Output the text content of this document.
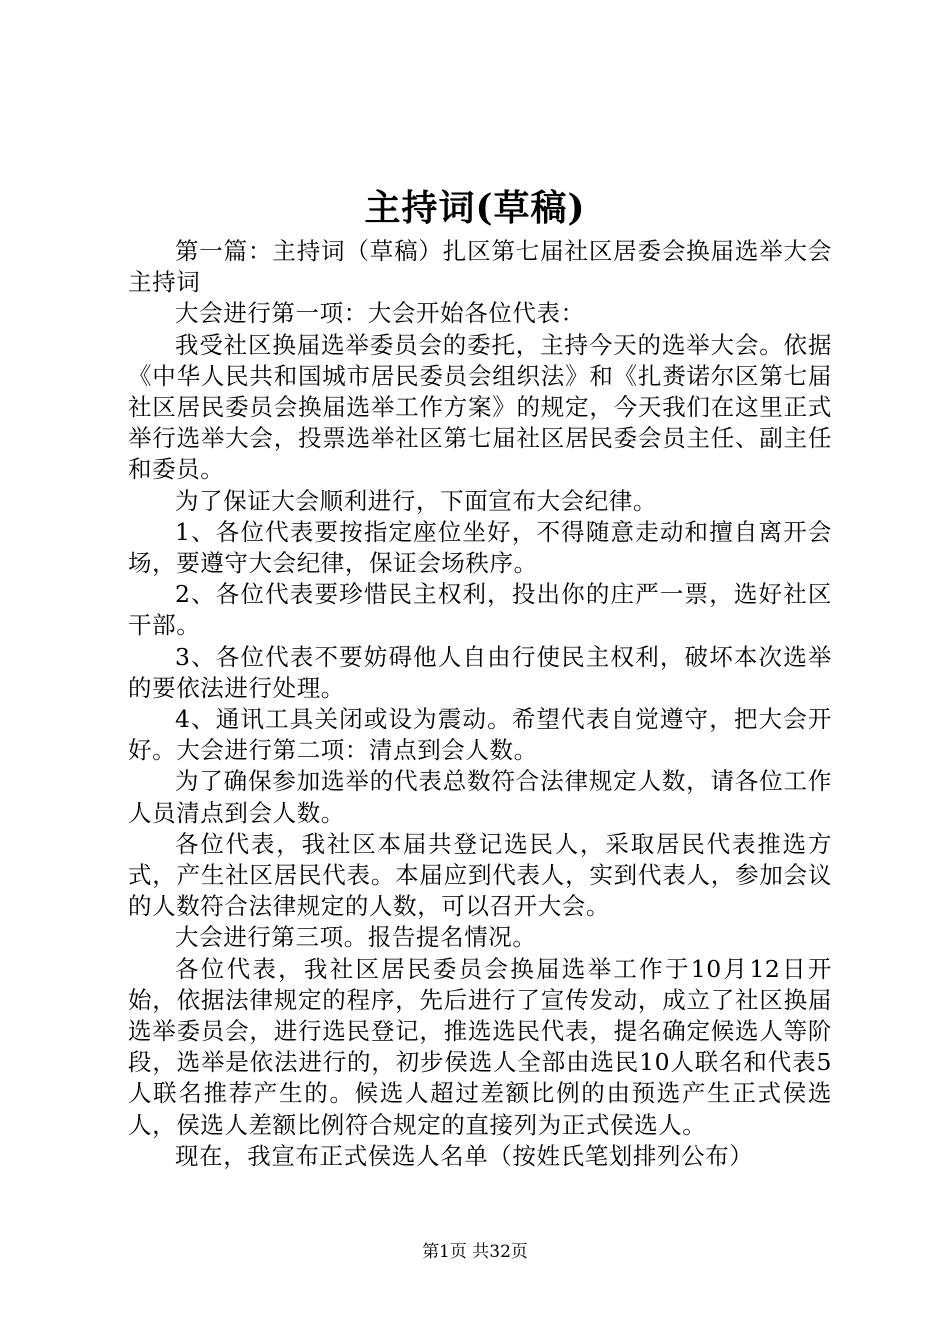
主持词(草稿)

第一篇：主持词（草稿）扎区第七届社区居委会换届选举大会主持词

大会进行第一项：大会开始各位代表：

我受社区换届选举委员会的委托，主持今天的选举大会。依据《中华人民共和国城市居民委员会组织法》和《扎赉诺尔区第七届社区居民委员会换届选举工作方案》的规定，今天我们在这里正式举行选举大会，投票选举社区第七届社区居民委会员主任、副主任和委员。

为了保证大会顺利进行，下面宣布大会纪律。

1、各位代表要按指定座位坐好，不得随意走动和擅自离开会场，要遵守大会纪律，保证会场秩序。

2、各位代表要珍惜民主权利，投出你的庄严一票，选好社区干部。

3、各位代表不要妨碍他人自由行使民主权利，破坏本次选举的要依法进行处理。

4、通讯工具关闭或设为震动。希望代表自觉遵守，把大会开好。大会进行第二项：清点到会人数。

为了确保参加选举的代表总数符合法律规定人数，请各位工作人员清点到会人数。

各位代表，我社区本届共登记选民人，采取居民代表推选方式，产生社区居民代表。本届应到代表人，实到代表人，参加会议的人数符合法律规定的人数，可以召开大会。

大会进行第三项。报告提名情况。

各位代表，我社区居民委员会换届选举工作于10月12日开始，依据法律规定的程序，先后进行了宣传发动，成立了社区换届选举委员会，进行选民登记，推选选民代表，提名确定候选人等阶段，选举是依法进行的，初步侯选人全部由选民10人联名和代表5人联名推荐产生的。候选人超过差额比例的由预选产生正式侯选人，侯选人差额比例符合规定的直接列为正式侯选人。

现在，我宣布正式侯选人名单（按姓氏笔划排列公布）

第1页 共32页
